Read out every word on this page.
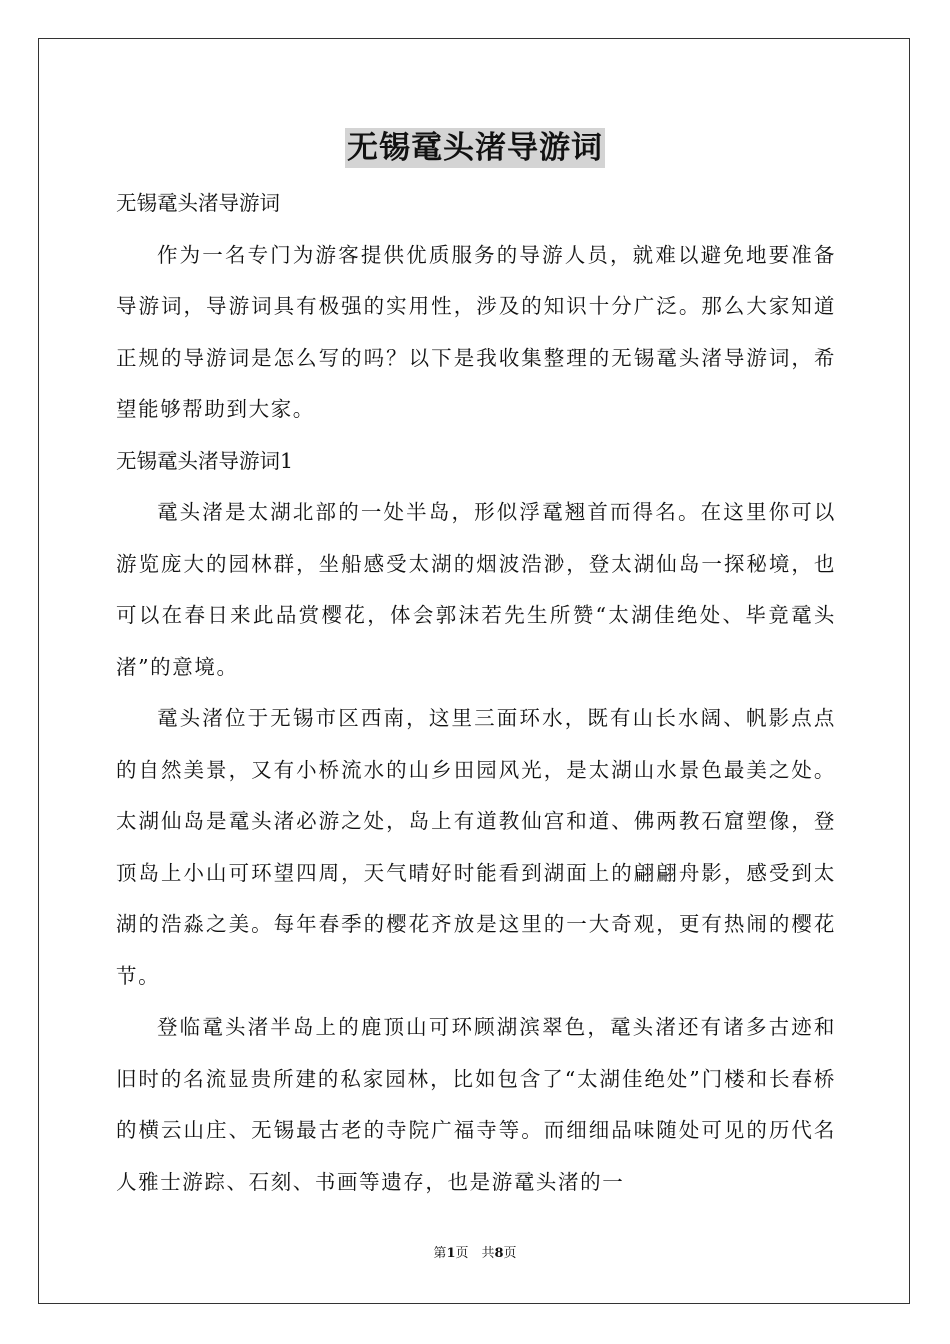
无锡鼋头渚导游词

无锡鼋头渚导游词

作为一名专门为游客提供优质服务的导游人员，就难以避免地要准备导游词，导游词具有极强的实用性，涉及的知识十分广泛。那么大家知道正规的导游词是怎么写的吗？以下是我收集整理的无锡鼋头渚导游词，希望能够帮助到大家。

无锡鼋头渚导游词1

鼋头渚是太湖北部的一处半岛，形似浮鼋翘首而得名。在这里你可以游览庞大的园林群，坐船感受太湖的烟波浩渺，登太湖仙岛一探秘境，也可以在春日来此品赏樱花，体会郭沫若先生所赞“太湖佳绝处、毕竟鼋头渚”的意境。

鼋头渚位于无锡市区西南，这里三面环水，既有山长水阔、帆影点点的自然美景，又有小桥流水的山乡田园风光，是太湖山水景色最美之处。太湖仙岛是鼋头渚必游之处，岛上有道教仙宫和道、佛两教石窟塑像，登顶岛上小山可环望四周，天气晴好时能看到湖面上的翩翩舟影，感受到太湖的浩淼之美。每年春季的樱花齐放是这里的一大奇观，更有热闹的樱花节。

登临鼋头渚半岛上的鹿顶山可环顾湖滨翠色，鼋头渚还有诸多古迹和旧时的名流显贵所建的私家园林，比如包含了“太湖佳绝处”门楼和长春桥的横云山庄、无锡最古老的寺院广福寺等。而细细品味随处可见的历代名人雅士游踪、石刻、书画等遗存，也是游鼋头渚的一

第1页　共8页
